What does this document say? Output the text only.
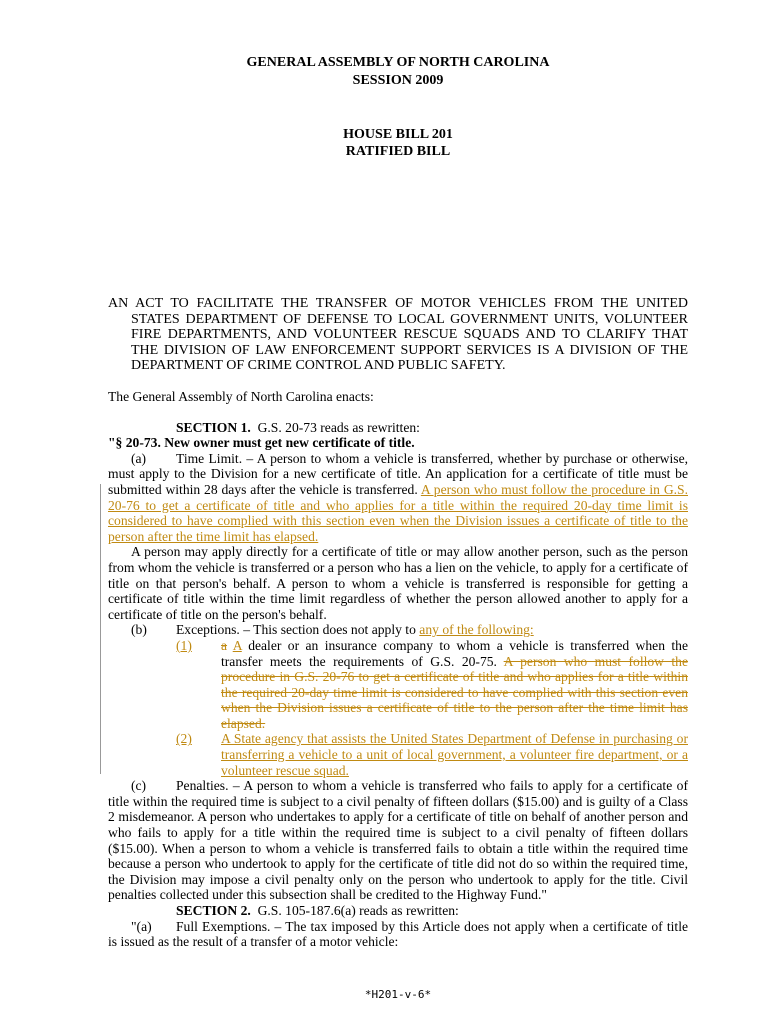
GENERAL ASSEMBLY OF NORTH CAROLINA
SESSION 2009
HOUSE BILL 201
RATIFIED BILL

AN ACT TO FACILITATE THE TRANSFER OF MOTOR VEHICLES FROM THE UNITED STATES DEPARTMENT OF DEFENSE TO LOCAL GOVERNMENT UNITS, VOLUNTEER FIRE DEPARTMENTS, AND VOLUNTEER RESCUE SQUADS AND TO CLARIFY THAT THE DIVISION OF LAW ENFORCEMENT SUPPORT SERVICES IS A DIVISION OF THE DEPARTMENT OF CRIME CONTROL AND PUBLIC SAFETY.

The General Assembly of North Carolina enacts:

SECTION 1. G.S. 20-73 reads as rewritten:

"§ 20-73. New owner must get new certificate of title.

(a) Time Limit. – A person to whom a vehicle is transferred, whether by purchase or otherwise, must apply to the Division for a new certificate of title. An application for a certificate of title must be submitted within 28 days after the vehicle is transferred. A person who must follow the procedure in G.S. 20-76 to get a certificate of title and who applies for a title within the required 20-day time limit is considered to have complied with this section even when the Division issues a certificate of title to the person after the time limit has elapsed.

A person may apply directly for a certificate of title or may allow another person, such as the person from whom the vehicle is transferred or a person who has a lien on the vehicle, to apply for a certificate of title on that person's behalf. A person to whom a vehicle is transferred is responsible for getting a certificate of title within the time limit regardless of whether the person allowed another to apply for a certificate of title on the person's behalf.

(b) Exceptions. – This section does not apply to any of the following:

(1)	a A dealer or an insurance company to whom a vehicle is transferred when the transfer meets the requirements of G.S. 20-75. A person who must follow the procedure in G.S. 20-76 to get a certificate of title and who applies for a title within the required 20-day time limit is considered to have complied with this section even when the Division issues a certificate of title to the person after the time limit has elapsed.
(2)	A State agency that assists the United States Department of Defense in purchasing or transferring a vehicle to a unit of local government, a volunteer fire department, or a volunteer rescue squad.

(c) Penalties. – A person to whom a vehicle is transferred who fails to apply for a certificate of title within the required time is subject to a civil penalty of fifteen dollars ($15.00) and is guilty of a Class 2 misdemeanor. A person who undertakes to apply for a certificate of title on behalf of another person and who fails to apply for a title within the required time is subject to a civil penalty of fifteen dollars ($15.00). When a person to whom a vehicle is transferred fails to obtain a title within the required time because a person who undertook to apply for the certificate of title did not do so within the required time, the Division may impose a civil penalty only on the person who undertook to apply for the title. Civil penalties collected under this subsection shall be credited to the Highway Fund."

SECTION 2. G.S. 105-187.6(a) reads as rewritten:

"(a) Full Exemptions. – The tax imposed by this Article does not apply when a certificate of title is issued as the result of a transfer of a motor vehicle:

*H201-v-6*
